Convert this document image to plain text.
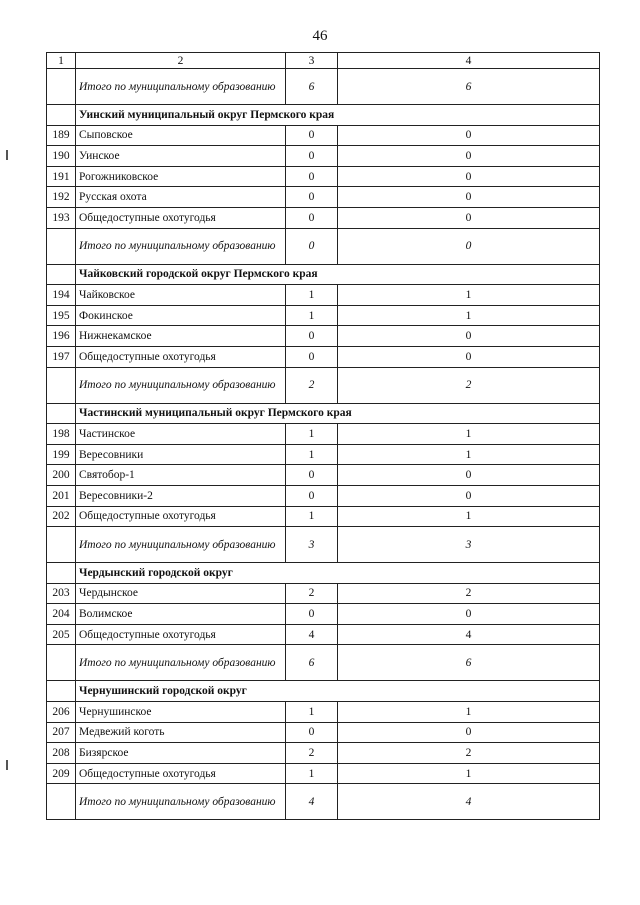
46
1	2	3	4
	Итого по муниципальному образованию	6	6
	Уинский муниципальный округ Пермского края		
189	Сыповское	0	0
190	Уинское	0	0
191	Рогожниковское	0	0
192	Русская охота	0	0
193	Общедоступные охотугодья	0	0
	Итого по муниципальному образованию	0	0
	Чайковский городской округ Пермского края		
194	Чайковское	1	1
195	Фокинское	1	1
196	Нижнекамское	0	0
197	Общедоступные охотугодья	0	0
	Итого по муниципальному образованию	2	2
	Частинский муниципальный округ Пермского края		
198	Частинское	1	1
199	Вересовники	1	1
200	Святобор-1	0	0
201	Вересовники-2	0	0
202	Общедоступные охотугодья	1	1
	Итого по муниципальному образованию	3	3
	Чердынский городской округ		
203	Чердынское	2	2
204	Волимское	0	0
205	Общедоступные охотугодья	4	4
	Итого по муниципальному образованию	6	6
	Чернушинский городской округ		
206	Чернушинское	1	1
207	Медвежий коготь	0	0
208	Бизярское	2	2
209	Общедоступные охотугодья	1	1
	Итого по муниципальному образованию	4	4
